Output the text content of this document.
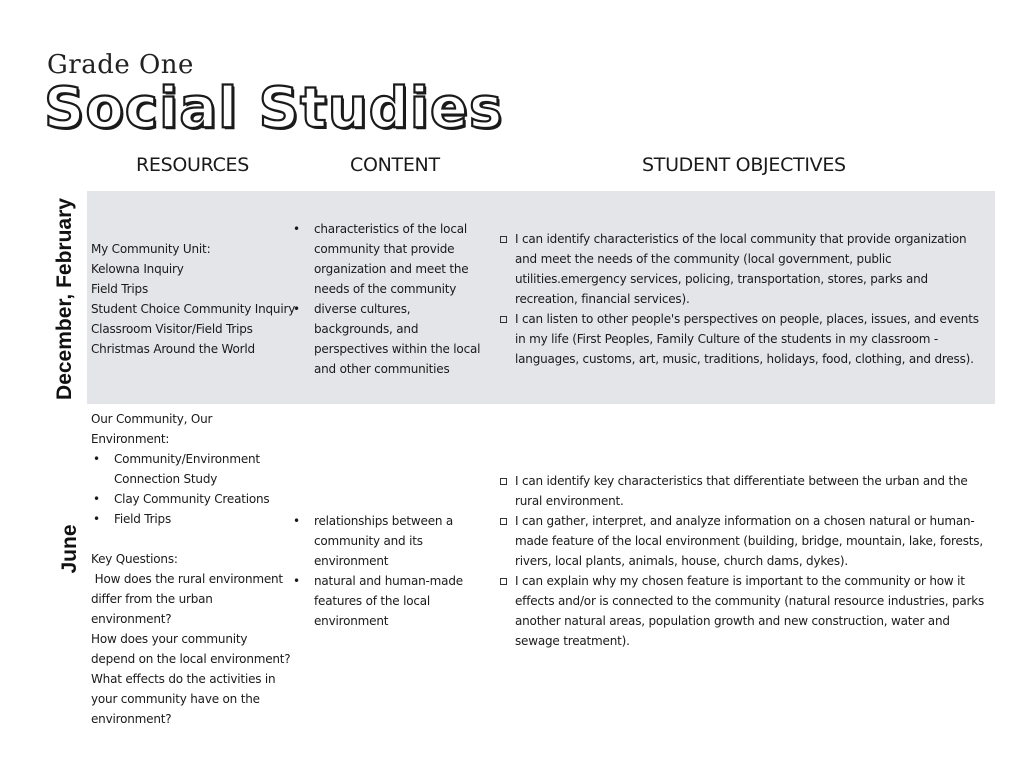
Grade One
Social Studies
RESOURCES	CONTENT	STUDENT OBJECTIVES
December, February My Community Unit:
Kelowna Inquiry
Field Trips
Student Choice Community Inquiry
Classroom Visitor/Field Trips
Christmas Around the World
• characteristics of the local community that provide organization and meet the needs of the community
• diverse cultures, backgrounds, and perspectives within the local and other communities
I can identify characteristics of the local community that provide organization and meet the needs of the community (local government, public utilities.emergency services, policing, transportation, stores, parks and recreation, financial services).
I can listen to other people's perspectives on people, places, issues, and events in my life (First Peoples, Family Culture of the students in my classroom - languages, customs, art, music, traditions, holidays, food, clothing, and dress).
June
Our Community, Our Environment:
• Community/Environment Connection Study
• Clay Community Creations
• Field Trips
Key Questions:
How does the rural environment differ from the urban environment?
How does your community depend on the local environment?
What effects do the activities in your community have on the environment?
• relationships between a community and its environment
• natural and human-made features of the local environment
I can identify key characteristics that differentiate between the urban and the rural environment.
I can gather, interpret, and analyze information on a chosen natural or human-made feature of the local environment (building, bridge, mountain, lake, forests, rivers, local plants, animals, house, church dams, dykes).
I can explain why my chosen feature is important to the community or how it effects and/or is connected to the community (natural resource industries, parks another natural areas, population growth and new construction, water and sewage treatment).
